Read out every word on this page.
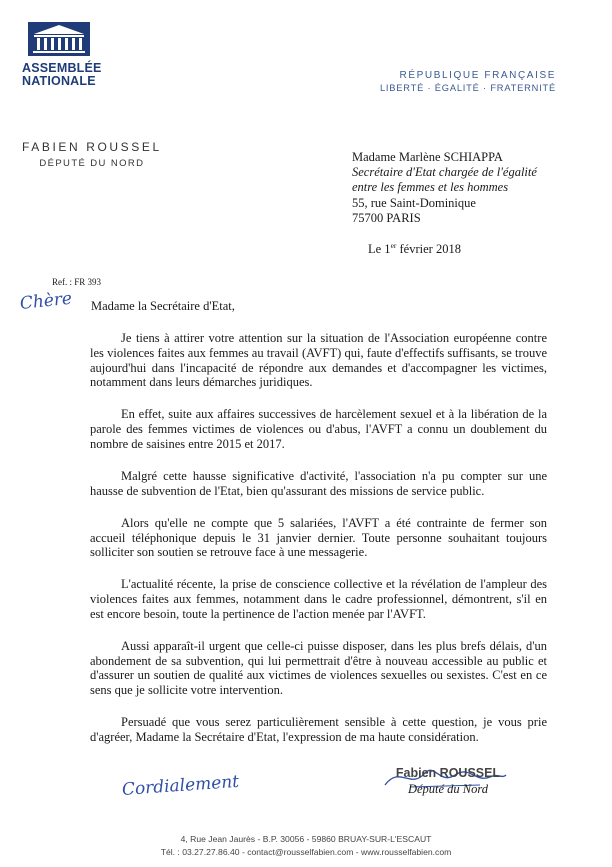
ASSEMBLÉE
NATIONALE	RÉPUBLIQUE FRANÇAISE
LIBERTÉ · ÉGALITÉ · FRATERNITÉ
FABIEN ROUSSEL
DÉPUTÉ DU NORD	Madame Marlène SCHIAPPA
Secrétaire d'Etat chargée de l'égalité
entre les femmes et les hommes
55, rue Saint-Dominique
75700 PARIS
Le 1er février 2018
Ref. : FR 393
Chère Madame la Secrétaire d'Etat,

Je tiens à attirer votre attention sur la situation de l'Association européenne contre les violences faites aux femmes au travail (AVFT) qui, faute d'effectifs suffisants, se trouve aujourd'hui dans l'incapacité de répondre aux demandes et d'accompagner les victimes, notamment dans leurs démarches juridiques.

En effet, suite aux affaires successives de harcèlement sexuel et à la libération de la parole des femmes victimes de violences ou d'abus, l'AVFT a connu un doublement du nombre de saisines entre 2015 et 2017.

Malgré cette hausse significative d'activité, l'association n'a pu compter sur une hausse de subvention de l'Etat, bien qu'assurant des missions de service public.

Alors qu'elle ne compte que 5 salariées, l'AVFT a été contrainte de fermer son accueil téléphonique depuis le 31 janvier dernier. Toute personne souhaitant toujours solliciter son soutien se retrouve face à une messagerie.

L'actualité récente, la prise de conscience collective et la révélation de l'ampleur des violences faites aux femmes, notamment dans le cadre professionnel, démontrent, s'il en est encore besoin, toute la pertinence de l'action menée par l'AVFT.

Aussi apparaît-il urgent que celle-ci puisse disposer, dans les plus brefs délais, d'un abondement de sa subvention, qui lui permettrait d'être à nouveau accessible au public et d'assurer un soutien de qualité aux victimes de violences sexuelles ou sexistes. C'est en ce sens que je sollicite votre intervention.

Persuadé que vous serez particulièrement sensible à cette question, je vous prie d'agréer, Madame la Secrétaire d'Etat, l'expression de ma haute considération.

Cordialement	Fabien ROUSSEL
Député du Nord
4, Rue Jean Jaurès - B.P. 30056 - 59860 BRUAY-SUR-L'ESCAUT
Tél. : 03.27.27.86.40 - contact@rousselfabien.com - www.rousselfabien.com
